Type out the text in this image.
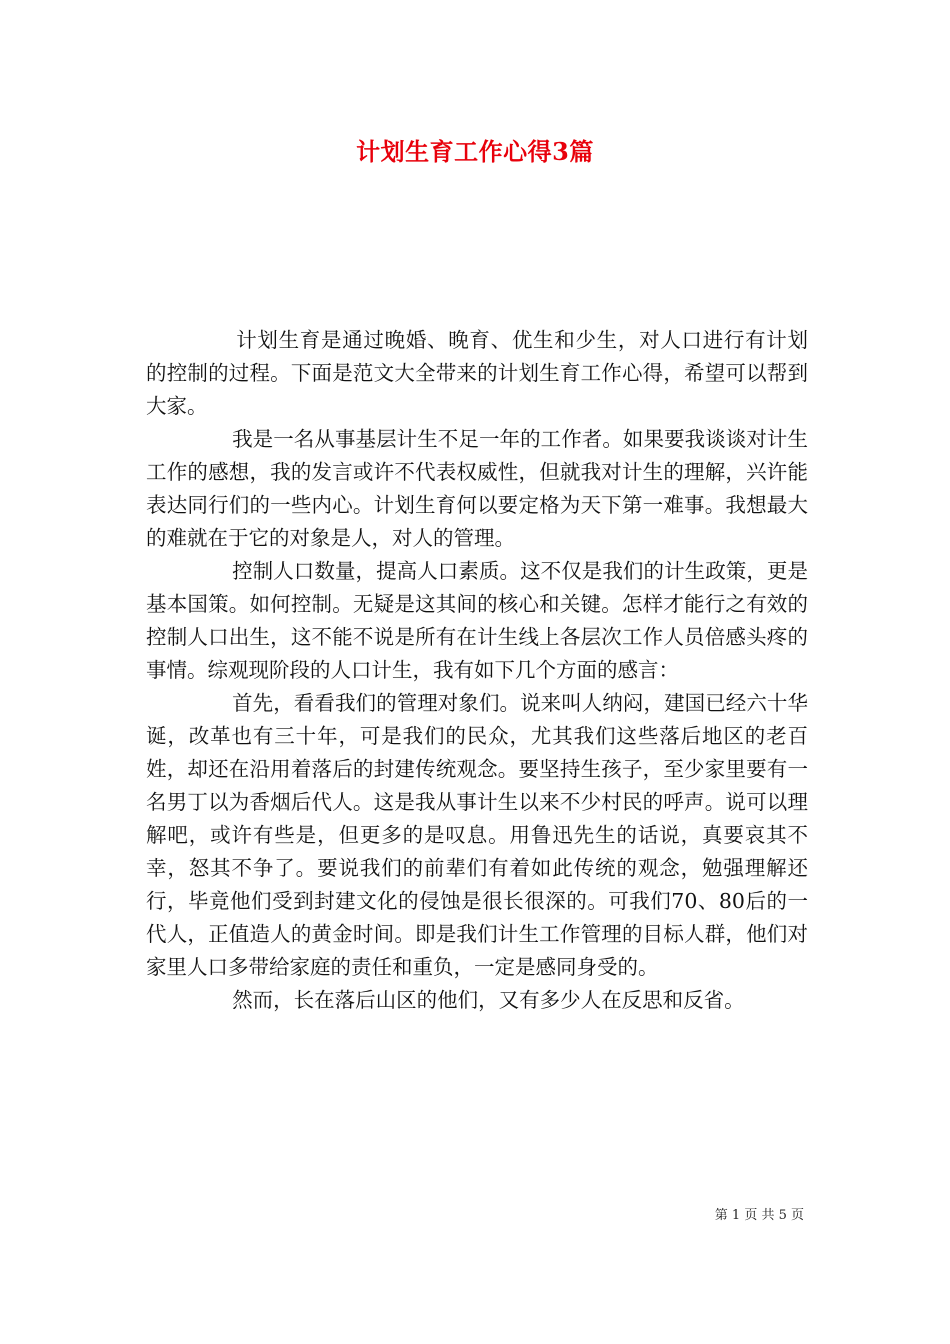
计划生育工作心得3篇

计划生育是通过晚婚、晚育、优生和少生，对人口进行有计划的控制的过程。下面是范文大全带来的计划生育工作心得，希望可以帮到大家。

我是一名从事基层计生不足一年的工作者。如果要我谈谈对计生工作的感想，我的发言或许不代表权威性，但就我对计生的理解，兴许能表达同行们的一些内心。计划生育何以要定格为天下第一难事。我想最大的难就在于它的对象是人，对人的管理。

控制人口数量，提高人口素质。这不仅是我们的计生政策，更是基本国策。如何控制。无疑是这其间的核心和关键。怎样才能行之有效的控制人口出生，这不能不说是所有在计生线上各层次工作人员倍感头疼的事情。综观现阶段的人口计生，我有如下几个方面的感言：

首先，看看我们的管理对象们。说来叫人纳闷，建国已经六十华诞，改革也有三十年，可是我们的民众，尤其我们这些落后地区的老百姓，却还在沿用着落后的封建传统观念。要坚持生孩子，至少家里要有一名男丁以为香烟后代人。这是我从事计生以来不少村民的呼声。说可以理解吧，或许有些是，但更多的是叹息。用鲁迅先生的话说，真要哀其不幸，怒其不争了。要说我们的前辈们有着如此传统的观念，勉强理解还行，毕竟他们受到封建文化的侵蚀是很长很深的。可我们70、80后的一代人，正值造人的黄金时间。即是我们计生工作管理的目标人群，他们对家里人口多带给家庭的责任和重负，一定是感同身受的。

然而，长在落后山区的他们，又有多少人在反思和反省。

第 1 页 共 5 页
